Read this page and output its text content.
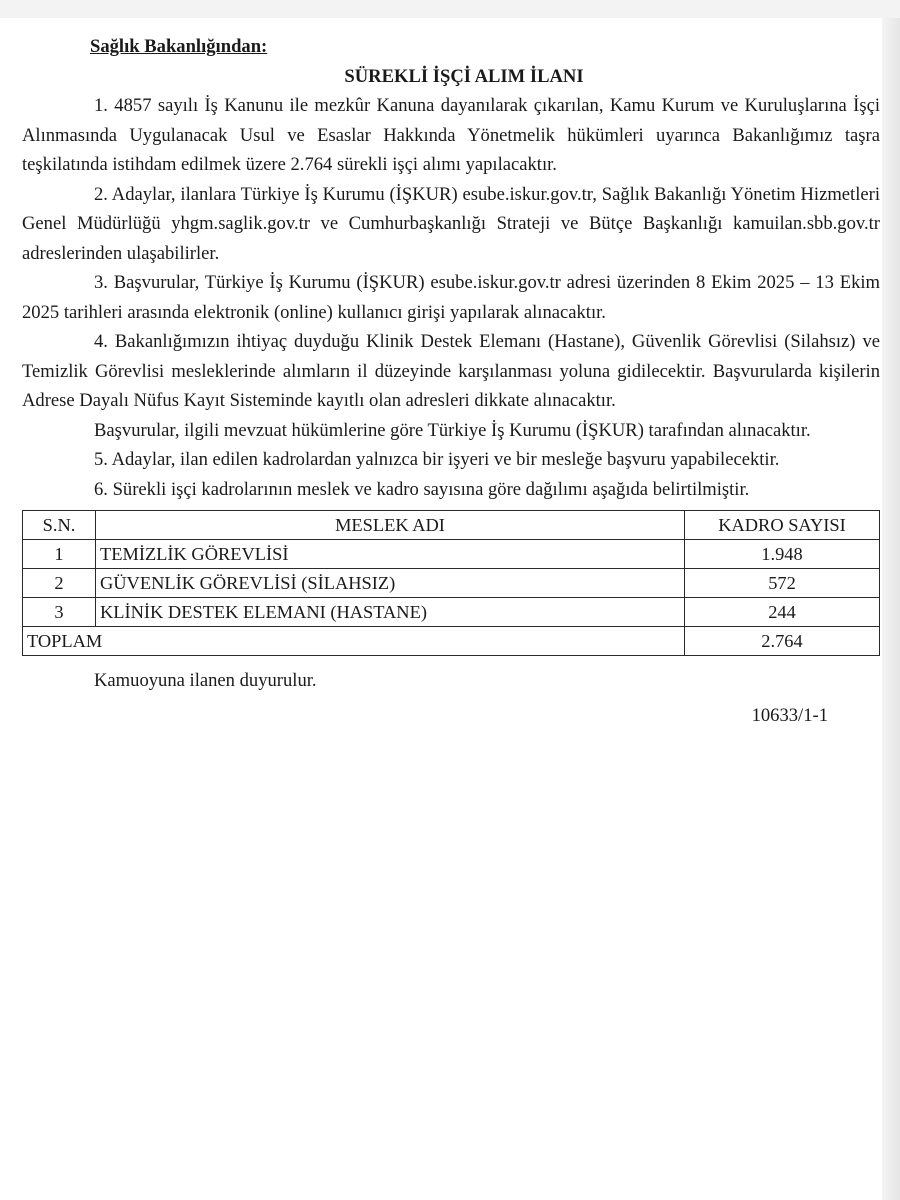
Sağlık Bakanlığından:
SÜREKLİ İŞÇİ ALIM İLANI

1. 4857 sayılı İş Kanunu ile mezkûr Kanuna dayanılarak çıkarılan, Kamu Kurum ve Kuruluşlarına İşçi Alınmasında Uygulanacak Usul ve Esaslar Hakkında Yönetmelik hükümleri uyarınca Bakanlığımız taşra teşkilatında istihdam edilmek üzere 2.764 sürekli işçi alımı yapılacaktır.

2. Adaylar, ilanlara Türkiye İş Kurumu (İŞKUR) esube.iskur.gov.tr, Sağlık Bakanlığı Yönetim Hizmetleri Genel Müdürlüğü yhgm.saglik.gov.tr ve Cumhurbaşkanlığı Strateji ve Bütçe Başkanlığı kamuilan.sbb.gov.tr adreslerinden ulaşabilirler.

3. Başvurular, Türkiye İş Kurumu (İŞKUR) esube.iskur.gov.tr adresi üzerinden 8 Ekim 2025 – 13 Ekim 2025 tarihleri arasında elektronik (online) kullanıcı girişi yapılarak alınacaktır.

4. Bakanlığımızın ihtiyaç duyduğu Klinik Destek Elemanı (Hastane), Güvenlik Görevlisi (Silahsız) ve Temizlik Görevlisi mesleklerinde alımların il düzeyinde karşılanması yoluna gidilecektir. Başvurularda kişilerin Adrese Dayalı Nüfus Kayıt Sisteminde kayıtlı olan adresleri dikkate alınacaktır.

Başvurular, ilgili mevzuat hükümlerine göre Türkiye İş Kurumu (İŞKUR) tarafından alınacaktır.

5. Adaylar, ilan edilen kadrolardan yalnızca bir işyeri ve bir mesleğe başvuru yapabilecektir.

6. Sürekli işçi kadrolarının meslek ve kadro sayısına göre dağılımı aşağıda belirtilmiştir.

S.N.	MESLEK ADI	KADRO SAYISI
1	TEMİZLİK GÖREVLİSİ	1.948
2	GÜVENLİK GÖREVLİSİ (SİLAHSIZ)	572
3	KLİNİK DESTEK ELEMANI (HASTANE)	244
TOPLAM		2.764
Kamuoyuna ilanen duyurulur.
10633/1-1
